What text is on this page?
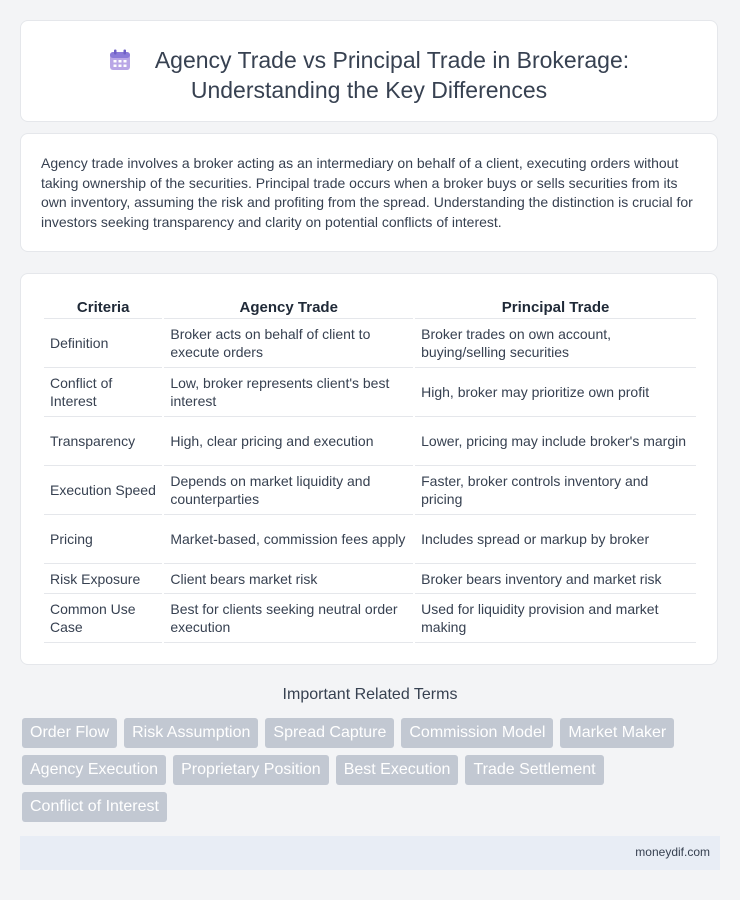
Agency Trade vs Principal Trade in Brokerage:
Understanding the Key Differences
Agency trade involves a broker acting as an intermediary on behalf of a client, executing orders without taking ownership of the securities. Principal trade occurs when a broker buys or sells securities from its own inventory, assuming the risk and profiting from the spread. Understanding the distinction is crucial for investors seeking transparency and clarity on potential conflicts of interest.
Criteria	Agency Trade	Principal Trade
Definition	Broker acts on behalf of client to execute orders	Broker trades on own account, buying/selling securities
Conflict of Interest	Low, broker represents client's best interest	High, broker may prioritize own profit
Transparency	High, clear pricing and execution	Lower, pricing may include broker's margin
Execution Speed	Depends on market liquidity and counterparties	Faster, broker controls inventory and pricing
Pricing	Market-based, commission fees apply	Includes spread or markup by broker
Risk Exposure	Client bears market risk	Broker bears inventory and market risk
Common Use Case	Best for clients seeking neutral order execution	Used for liquidity provision and market making
Important Related Terms
Order Flow	Risk Assumption	Spread Capture	Commission Model	Market Maker
Agency Execution	Proprietary Position	Best Execution	Trade Settlement
Conflict of Interest
moneydif.com
